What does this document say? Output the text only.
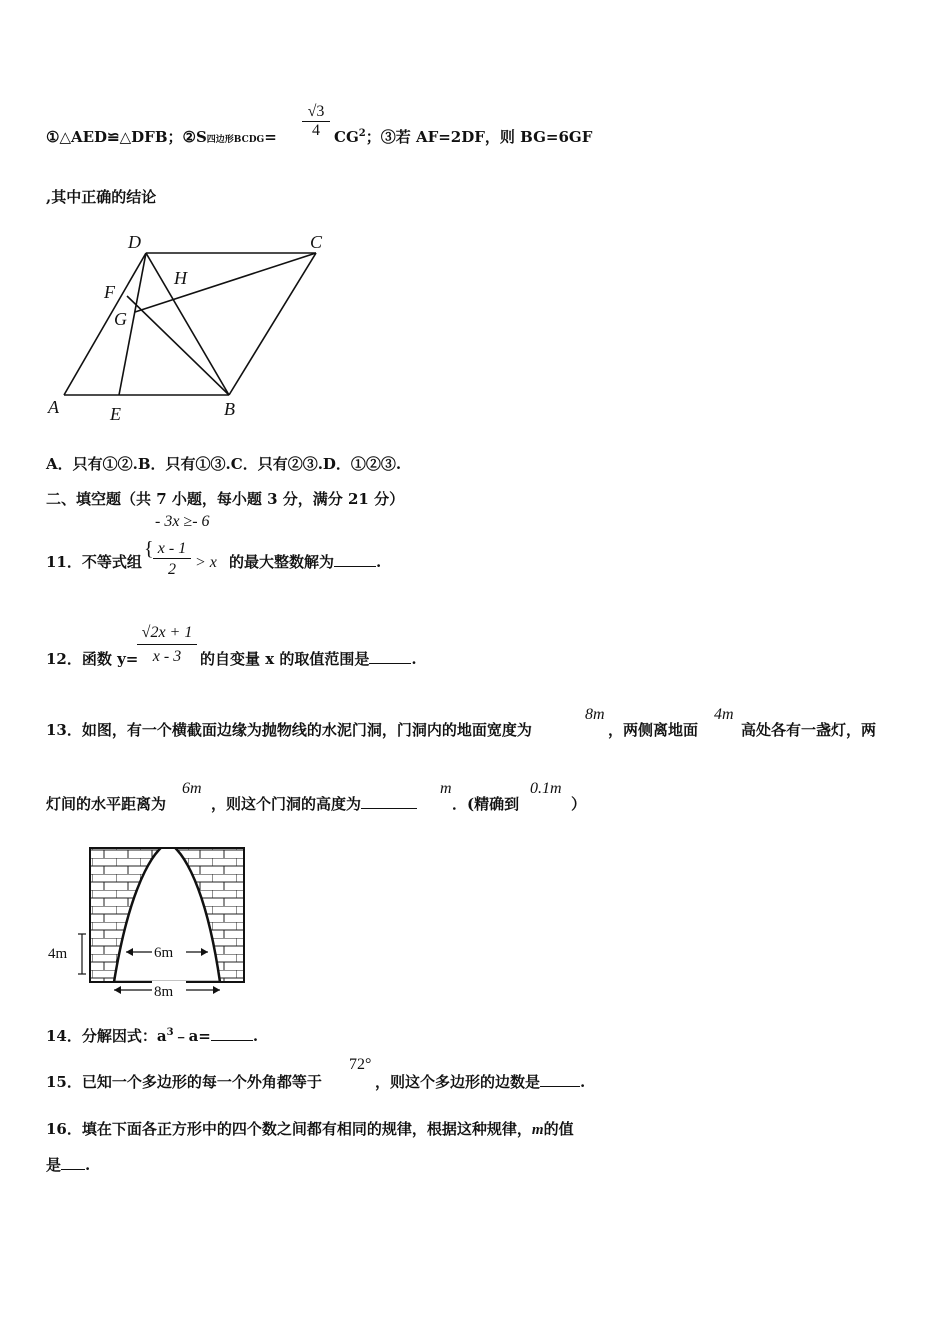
①△AED≌△DFB；②S四边形BCDG=
√3
4 $CG^2$；③若 AF=2DF，则 BG=6GF
,其中正确的结论
A	B
C
D
E
F
G
H
A．只有①②.B．只有①③.C．只有②③.D．①②③.
二、填空题（共 7 小题，每小题 3 分，满分 21 分）
- 3x ≥- 6
11．不等式组
{ x - 1
2	> x 的最大整数解为	.
12．函数 y=
√2x + 1
x - 3	的自变量 x 的取值范围是	.
13．如图，有一个横截面边缘为抛物线的水泥门洞，门洞内的地面宽度为
8m
，两侧离地面
4m
高处各有一盏灯，两
灯间的水平距离为
6m
，则这个门洞的高度为
m
．(精确到
0.1m
）
4m	6m
8m
14．分解因式：$a^3﹣a=$	.
15．已知一个多边形的每一个外角都等于
72°
，则这个多边形的边数是	.
16．填在下面各正方形中的四个数之间都有相同的规律，根据这种规律，m的值
是 .
